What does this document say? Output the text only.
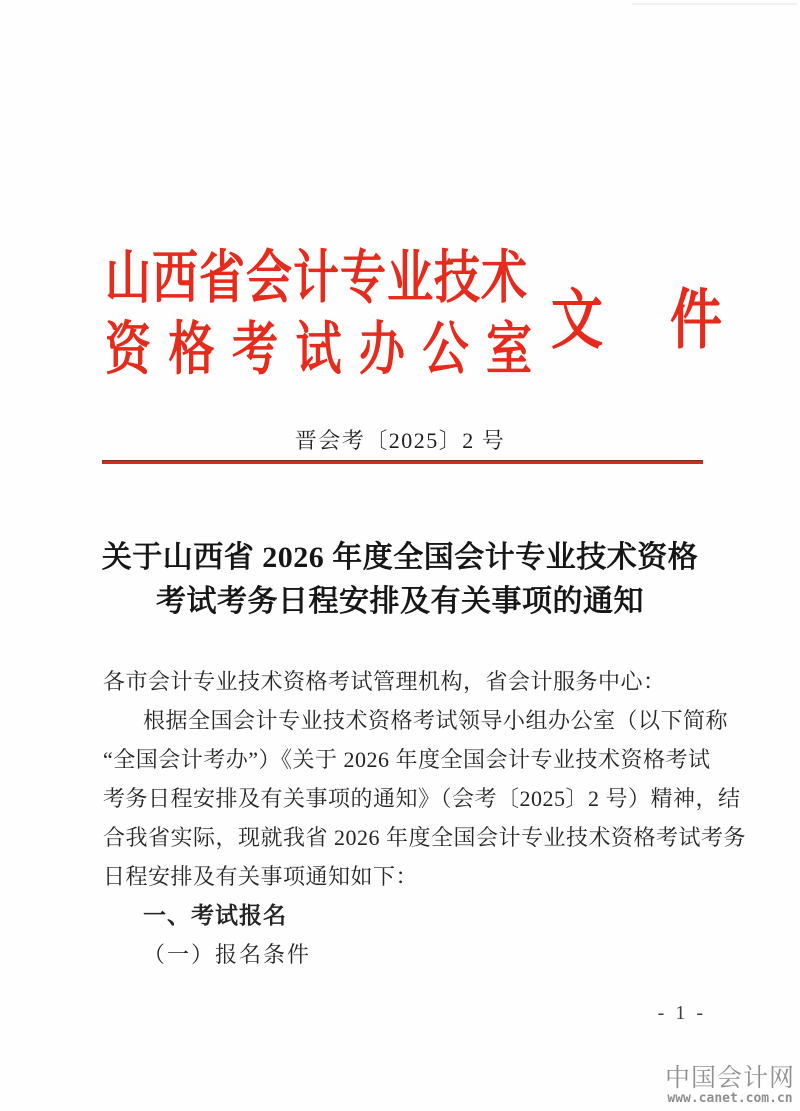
山西省会计专业技术
资格考试办公室 文 件
晋会考〔2025〕2 号
关于山西省 2026 年度全国会计专业技术资格
考试考务日程安排及有关事项的通知
各市会计专业技术资格考试管理机构，省会计服务中心：
根据全国会计专业技术资格考试领导小组办公室（以下简称
“全国会计考办”）《关于 2026 年度全国会计专业技术资格考试
考务日程安排及有关事项的通知》（会考〔2025〕2 号）精神，结
合我省实际，现就我省 2026 年度全国会计专业技术资格考试考务
日程安排及有关事项通知如下：
一、考试报名
（一）报名条件
- 1 -
中国会计网
www.canet.com.cn
